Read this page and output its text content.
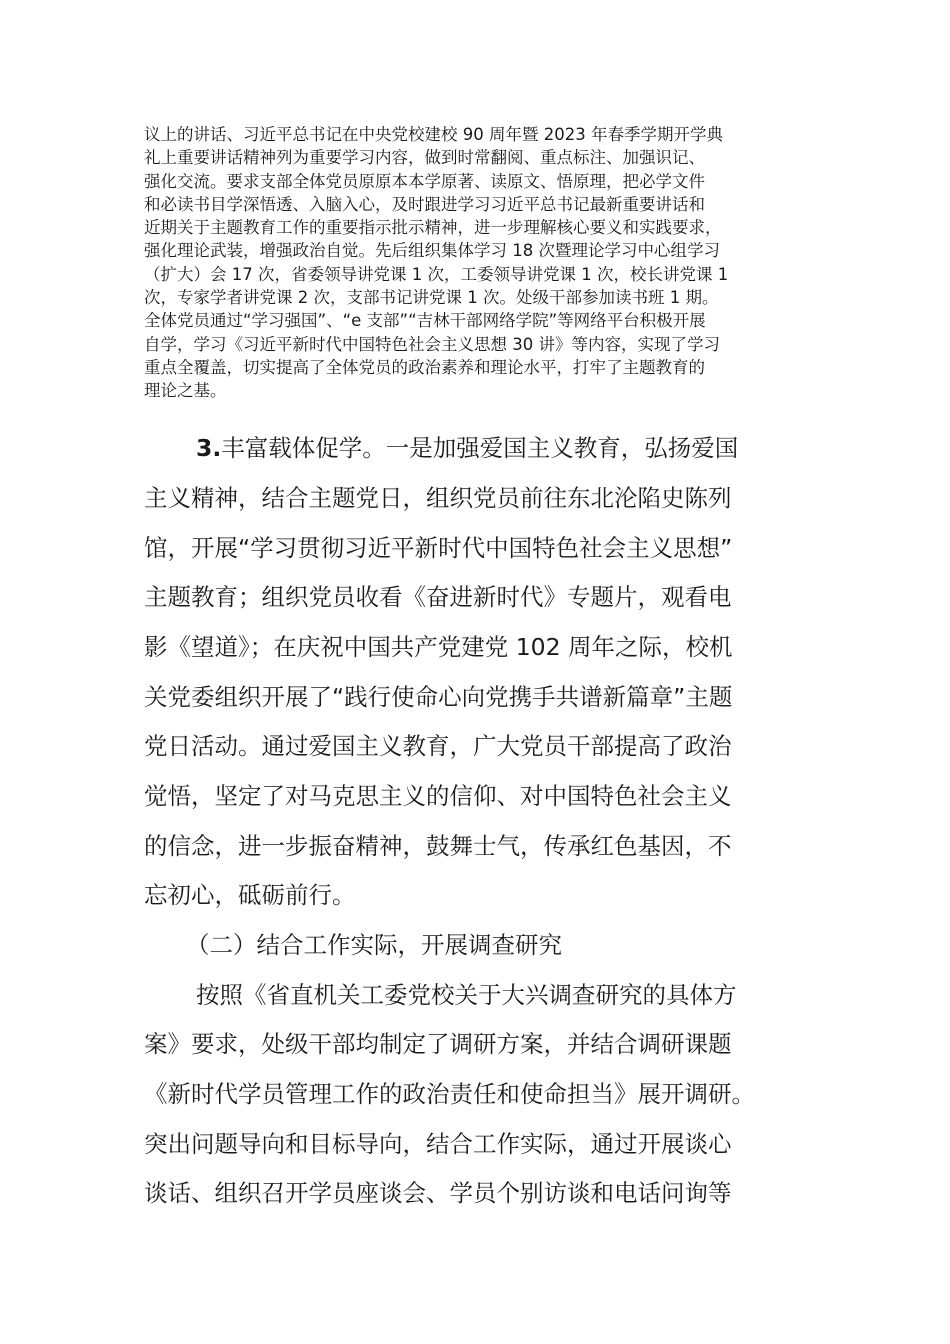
议上的讲话、习近平总书记在中央党校建校 90 周年暨 2023 年春季学期开学典
礼上重要讲话精神列为重要学习内容，做到时常翻阅、重点标注、加强识记、
强化交流。要求支部全体党员原原本本学原著、读原文、悟原理，把必学文件
和必读书目学深悟透、入脑入心，及时跟进学习习近平总书记最新重要讲话和
近期关于主题教育工作的重要指示批示精神，进一步理解核心要义和实践要求，
强化理论武装，增强政治自觉。先后组织集体学习 18 次暨理论学习中心组学习
（扩大）会 17 次，省委领导讲党课 1 次，工委领导讲党课 1 次，校长讲党课 1
次，专家学者讲党课 2 次，支部书记讲党课 1 次。处级干部参加读书班 1 期。
全体党员通过“学习强国”、“e 支部”“吉林干部网络学院”等网络平台积极开展
自学，学习《习近平新时代中国特色社会主义思想 30 讲》等内容，实现了学习
重点全覆盖，切实提高了全体党员的政治素养和理论水平，打牢了主题教育的
理论之基。
3.丰富载体促学。一是加强爱国主义教育，弘扬爱国
主义精神，结合主题党日，组织党员前往东北沦陷史陈列
馆，开展“学习贯彻习近平新时代中国特色社会主义思想”
主题教育；组织党员收看《奋进新时代》专题片，观看电
影《望道》；在庆祝中国共产党建党 102 周年之际，校机
关党委组织开展了“践行使命心向党携手共谱新篇章”主题
党日活动。通过爱国主义教育，广大党员干部提高了政治
觉悟，坚定了对马克思主义的信仰、对中国特色社会主义
的信念，进一步振奋精神，鼓舞士气，传承红色基因，不
忘初心，砥砺前行。
（二）结合工作实际，开展调查研究
按照《省直机关工委党校关于大兴调查研究的具体方
案》要求，处级干部均制定了调研方案，并结合调研课题
《新时代学员管理工作的政治责任和使命担当》展开调研。
突出问题导向和目标导向，结合工作实际，通过开展谈心
谈话、组织召开学员座谈会、学员个别访谈和电话问询等
